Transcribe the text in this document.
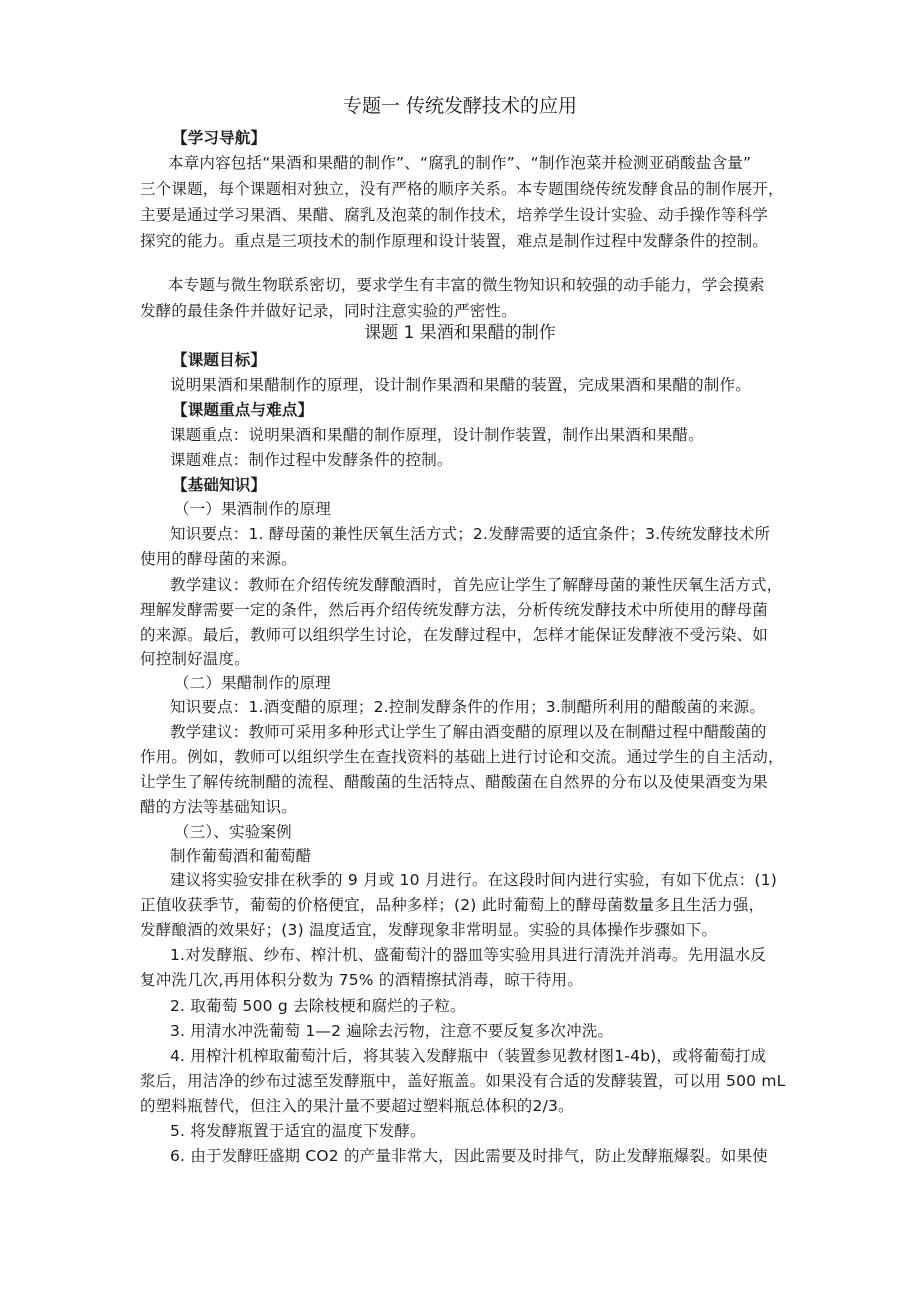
专题一 传统发酵技术的应用
【学习导航】
本章内容包括“果酒和果醋的制作”、“腐乳的制作”、“制作泡菜并检测亚硝酸盐含量”
三个课题，每个课题相对独立，没有严格的顺序关系。本专题围绕传统发酵食品的制作展开，
主要是通过学习果酒、果醋、腐乳及泡菜的制作技术，培养学生设计实验、动手操作等科学
探究的能力。重点是三项技术的制作原理和设计装置，难点是制作过程中发酵条件的控制。
本专题与微生物联系密切，要求学生有丰富的微生物知识和较强的动手能力，学会摸索
发酵的最佳条件并做好记录，同时注意实验的严密性。
课题 1 果酒和果醋的制作
【课题目标】
说明果酒和果醋制作的原理，设计制作果酒和果醋的装置，完成果酒和果醋的制作。
【课题重点与难点】
课题重点：说明果酒和果醋的制作原理，设计制作装置，制作出果酒和果醋。
课题难点：制作过程中发酵条件的控制。
【基础知识】
（一）果酒制作的原理
知识要点：1. 酵母菌的兼性厌氧生活方式；2.发酵需要的适宜条件；3.传统发酵技术所
使用的酵母菌的来源。
教学建议：教师在介绍传统发酵酿酒时，首先应让学生了解酵母菌的兼性厌氧生活方式，
理解发酵需要一定的条件，然后再介绍传统发酵方法，分析传统发酵技术中所使用的酵母菌
的来源。最后，教师可以组织学生讨论，在发酵过程中，怎样才能保证发酵液不受污染、如
何控制好温度。
（二）果醋制作的原理
知识要点：1.酒变醋的原理；2.控制发酵条件的作用；3.制醋所利用的醋酸菌的来源。
教学建议：教师可采用多种形式让学生了解由酒变醋的原理以及在制醋过程中醋酸菌的
作用。例如，教师可以组织学生在查找资料的基础上进行讨论和交流。通过学生的自主活动，
让学生了解传统制醋的流程、醋酸菌的生活特点、醋酸菌在自然界的分布以及使果酒变为果
醋的方法等基础知识。
（三）、实验案例
制作葡萄酒和葡萄醋
建议将实验安排在秋季的 9 月或 10 月进行。在这段时间内进行实验，有如下优点：(1)
正值收获季节，葡萄的价格便宜，品种多样；(2) 此时葡萄上的酵母菌数量多且生活力强，
发酵酿酒的效果好；(3) 温度适宜，发酵现象非常明显。实验的具体操作步骤如下。
1.对发酵瓶、纱布、榨汁机、盛葡萄汁的器皿等实验用具进行清洗并消毒。先用温水反
复冲洗几次,再用体积分数为 75% 的酒精擦拭消毒，晾干待用。
2. 取葡萄 500 g 去除枝梗和腐烂的子粒。
3. 用清水冲洗葡萄 1—2 遍除去污物，注意不要反复多次冲洗。
4. 用榨汁机榨取葡萄汁后，将其装入发酵瓶中（装置参见教材图1-4b)，或将葡萄打成
浆后，用洁净的纱布过滤至发酵瓶中，盖好瓶盖。如果没有合适的发酵装置，可以用 500 mL
的塑料瓶替代，但注入的果汁量不要超过塑料瓶总体积的2/3。
5. 将发酵瓶置于适宜的温度下发酵。
6. 由于发酵旺盛期 CO2 的产量非常大，因此需要及时排气，防止发酵瓶爆裂。如果使
